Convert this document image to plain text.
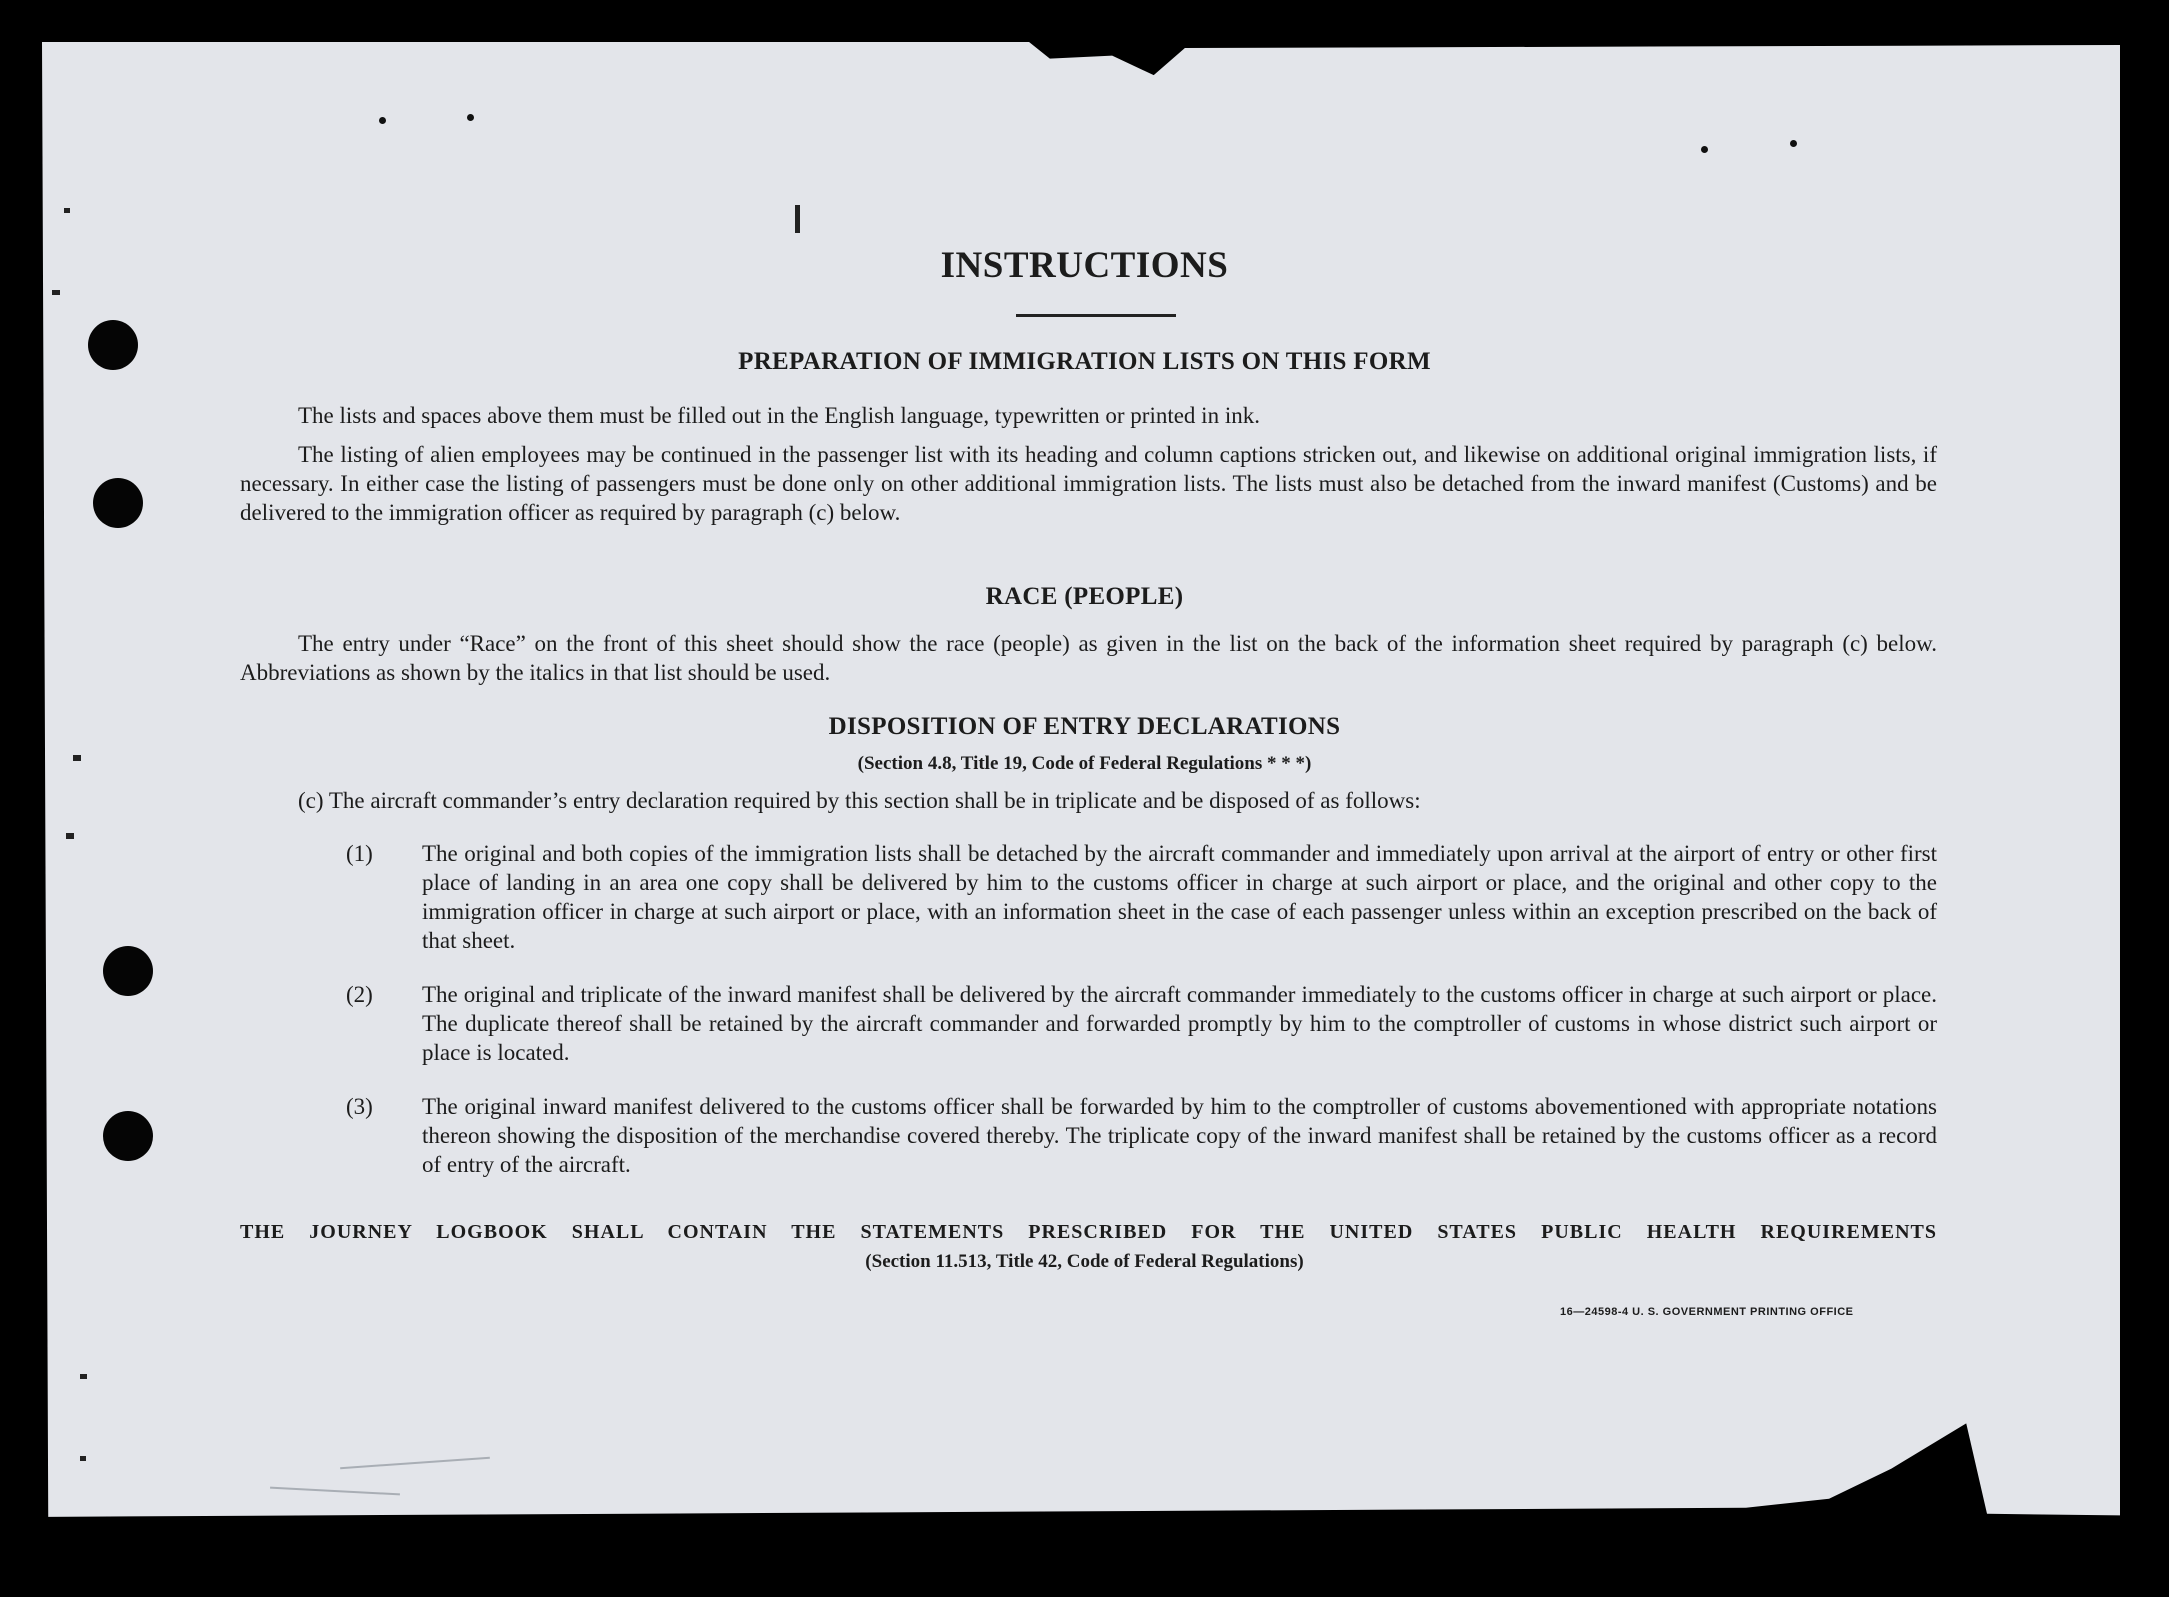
INSTRUCTIONS
PREPARATION OF IMMIGRATION LISTS ON THIS FORM

The lists and spaces above them must be filled out in the English language, typewritten or printed in ink.

The listing of alien employees may be continued in the passenger list with its heading and column captions stricken out, and likewise on additional original immigration lists, if necessary. In either case the listing of passengers must be done only on other additional immigration lists. The lists must also be detached from the inward manifest (Customs) and be delivered to the immigration officer as required by paragraph (c) below.

RACE (PEOPLE)

The entry under “Race” on the front of this sheet should show the race (people) as given in the list on the back of the information sheet required by paragraph (c) below. Abbreviations as shown by the italics in that list should be used.

DISPOSITION OF ENTRY DECLARATIONS
(Section 4.8, Title 19, Code of Federal Regulations * * *)

(c) The aircraft commander’s entry declaration required by this section shall be in triplicate and be disposed of as follows:

(1) The original and both copies of the immigration lists shall be detached by the aircraft commander and immediately upon arrival at the airport of entry or other first place of landing in an area one copy shall be delivered by him to the customs officer in charge at such airport or place, and the original and other copy to the immigration officer in charge at such airport or place, with an information sheet in the case of each passenger unless within an exception prescribed on the back of that sheet.
(2) The original and triplicate of the inward manifest shall be delivered by the aircraft commander immediately to the customs officer in charge at such airport or place. The duplicate thereof shall be retained by the aircraft commander and forwarded promptly by him to the comptroller of customs in whose district such airport or place is located.
(3) The original inward manifest delivered to the customs officer shall be forwarded by him to the comptroller of customs abovementioned with appropriate notations thereon showing the disposition of the merchandise covered thereby. The triplicate copy of the inward manifest shall be retained by the customs officer as a record of entry of the aircraft.
THE JOURNEY LOGBOOK SHALL CONTAIN THE STATEMENTS PRESCRIBED FOR THE UNITED STATES PUBLIC HEALTH REQUIREMENTS
(Section 11.513, Title 42, Code of Federal Regulations)
16—24598-4 U. S. GOVERNMENT PRINTING OFFICE
